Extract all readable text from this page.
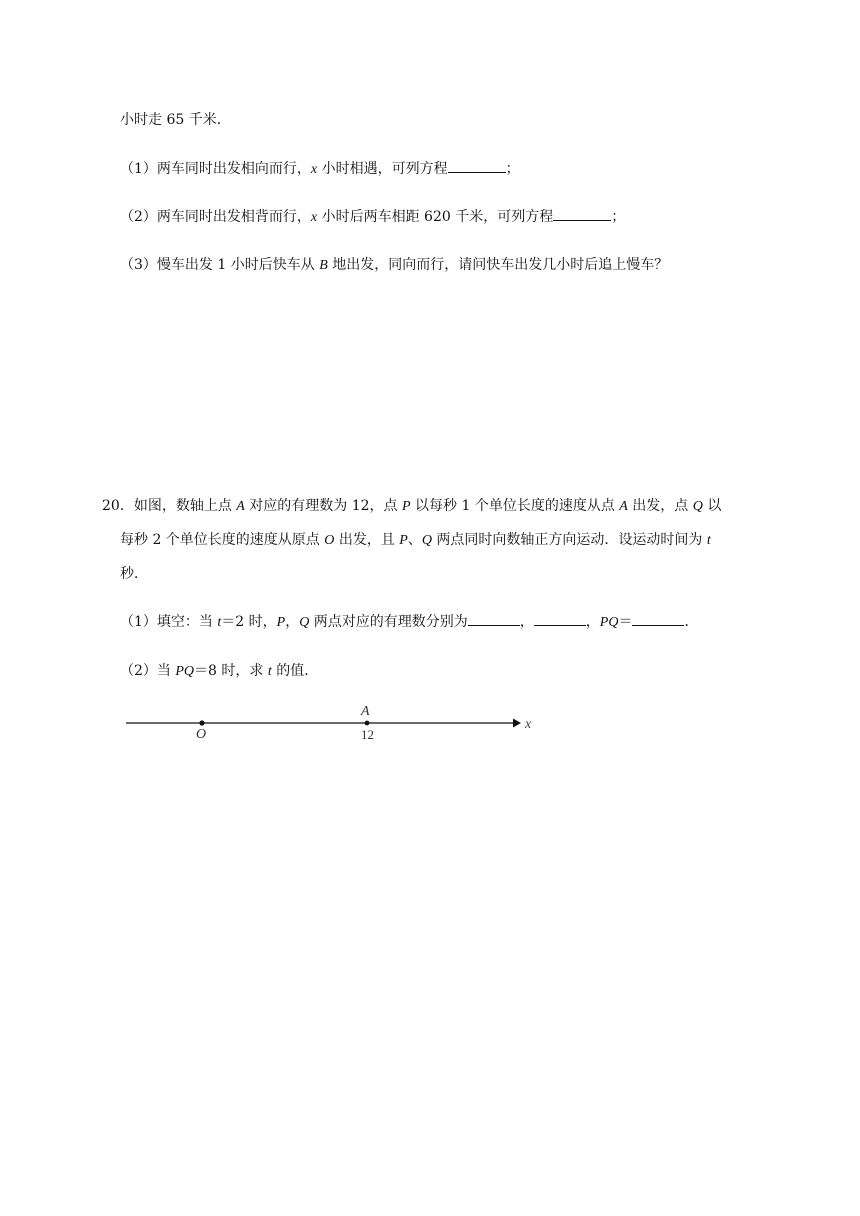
小时走 65 千米．
（1）两车同时出发相向而行，x 小时相遇，可列方程	；
（2）两车同时出发相背而行，x 小时后两车相距 620 千米，可列方程	；
（3）慢车出发 1 小时后快车从 B 地出发，同向而行，请问快车出发几小时后追上慢车？
20．如图，数轴上点 A 对应的有理数为 12，点 P 以每秒 1 个单位长度的速度从点 A 出发，点 Q 以
每秒 2 个单位长度的速度从原点 O 出发，且 P、Q 两点同时向数轴正方向运动．设运动时间为 t
秒．
（1）填空：当 t＝2 时，P，Q 两点对应的有理数分别为	，	，PQ＝	．
（2）当 PQ＝8 时，求 t 的值．
x
O
A
12
